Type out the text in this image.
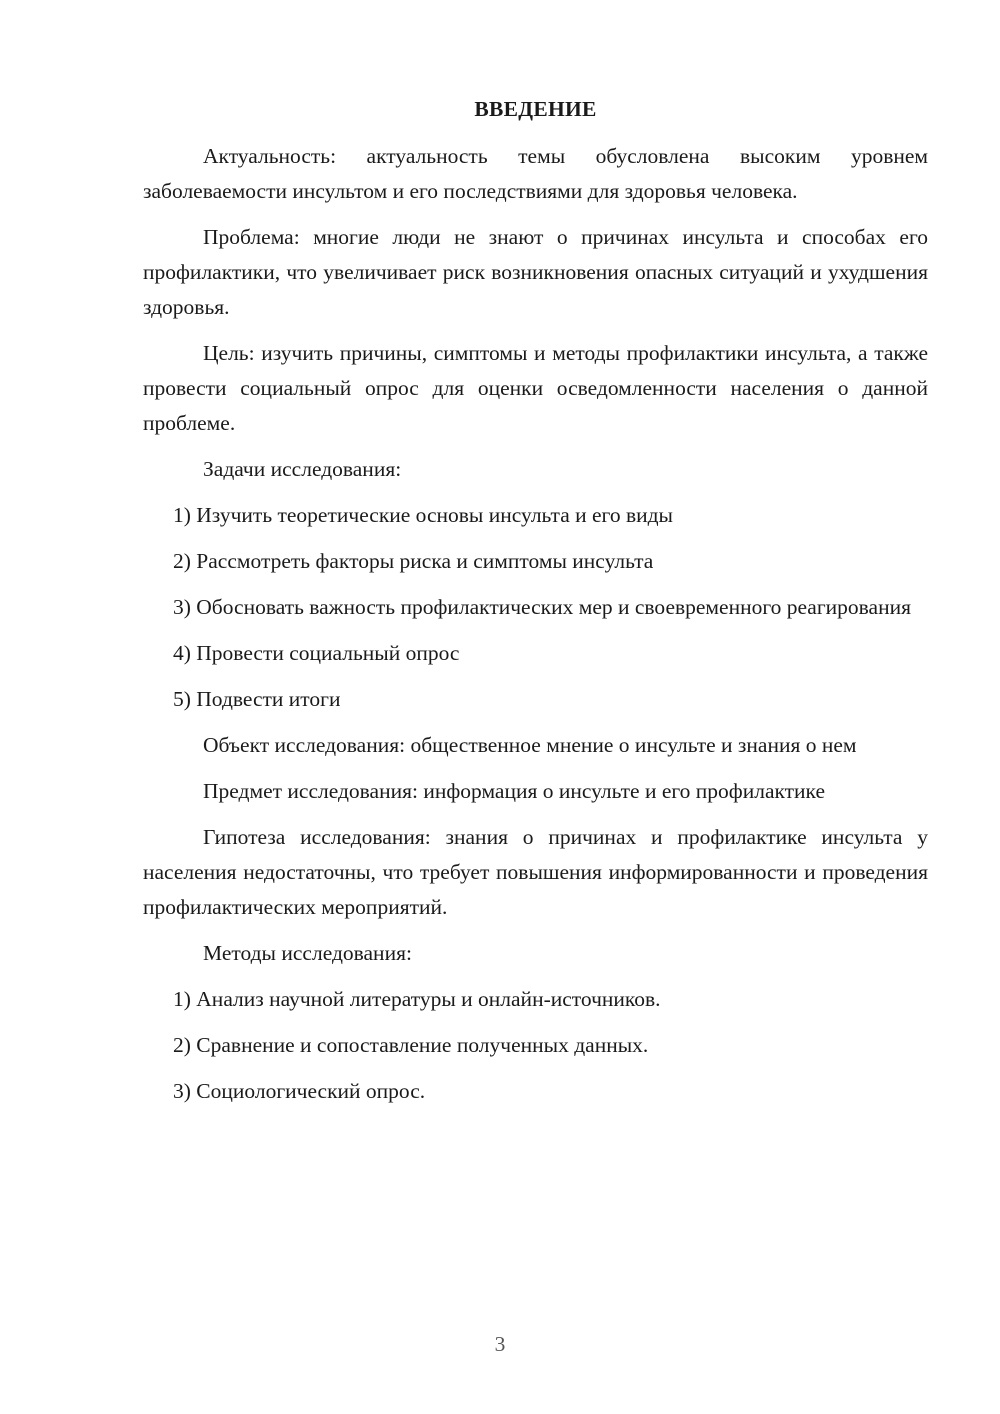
ВВЕДЕНИЕ

Актуальность: актуальность темы обусловлена высоким уровнем заболеваемости инсультом и его последствиями для здоровья человека.

Проблема: многие люди не знают о причинах инсульта и способах его профилактики, что увеличивает риск возникновения опасных ситуаций и ухудшения здоровья.

Цель: изучить причины, симптомы и методы профилактики инсульта, а также провести социальный опрос для оценки осведомленности населения о данной проблеме.

Задачи исследования:

1) Изучить теоретические основы инсульта и его виды

2) Рассмотреть факторы риска и симптомы инсульта

3) Обосновать важность профилактических мер и своевременного реагирования

4) Провести социальный опрос

5) Подвести итоги

Объект исследования: общественное мнение о инсульте и знания о нем

Предмет исследования: информация о инсульте и его профилактике

Гипотеза исследования: знания о причинах и профилактике инсульта у населения недостаточны, что требует повышения информированности и проведения профилактических мероприятий.

Методы исследования:

1) Анализ научной литературы и онлайн-источников.

2) Сравнение и сопоставление полученных данных.

3) Социологический опрос.

3
